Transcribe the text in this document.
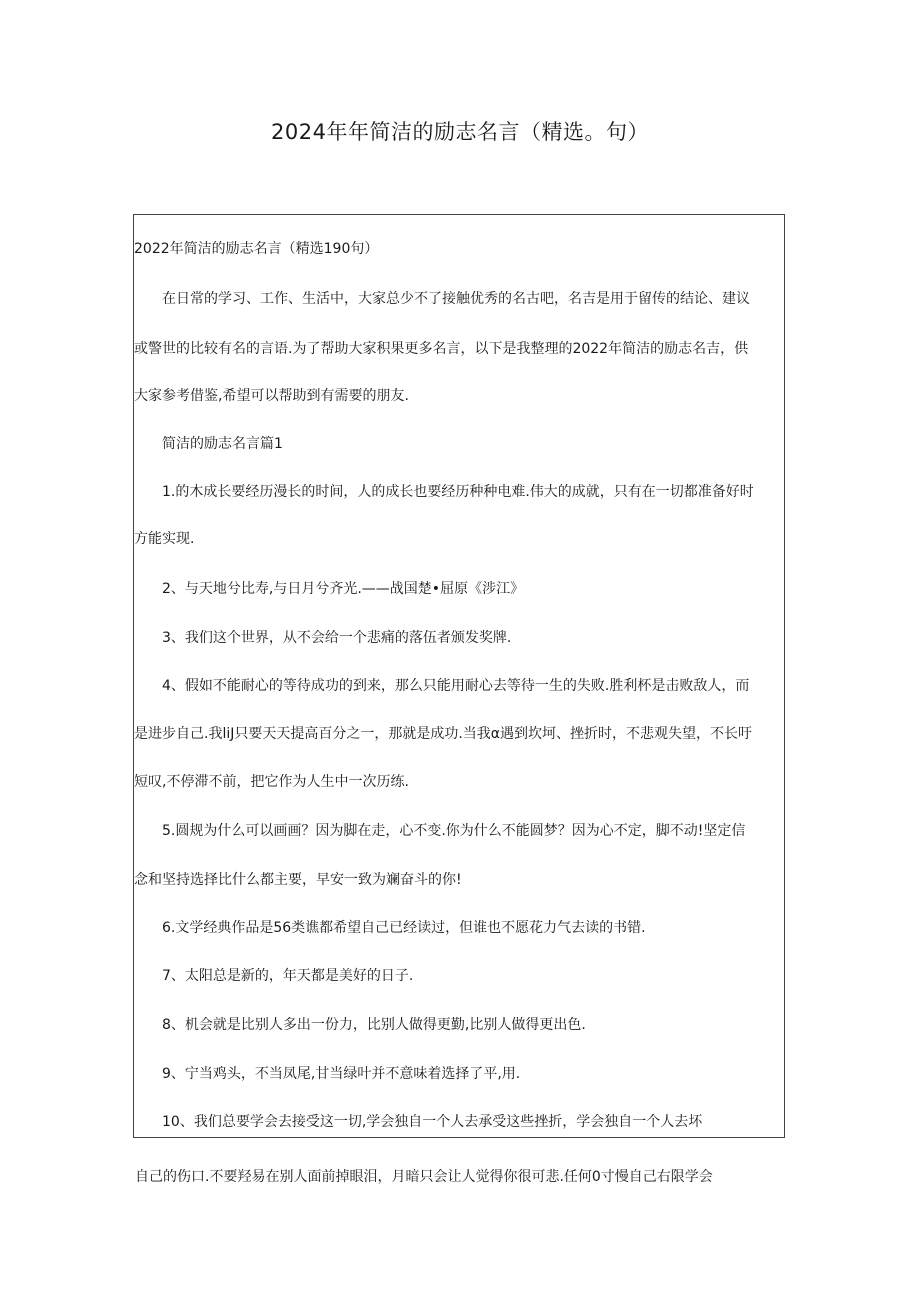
2024年年简洁的励志名言（精选。句）
2022年简洁的励志名言（精选190句）
　　在日常的学习、工作、生活中，大家总少不了接触优秀的名古吧，名吉是用于留传的结论、建议
或警世的比较有名的言语.为了帮助大家积果更多名言，以下是我整理的2022年简洁的励志名吉，供
大家参考借鉴,希望可以帮助到有需要的朋友.
　　简洁的励志名言篇1
　　1.的木成长要经历漫长的时间，人的成长也要经历种种电难.伟大的成就，只有在一切都准备好时
方能实现.
　　2、与天地兮比寿,与日月兮齐光.——战国楚•屈原《涉江》
　　3、我们这个世界，从不会给一个悲痛的落伍者颁发奖牌.
　　4、假如不能耐心的等待成功的到来，那么只能用耐心去等待一生的失败.胜利杯是击败敌人，而
是进步自己.我liJ只要天天提高百分之一，那就是成功.当我α遇到坎坷、挫折时，不悲观失望，不长吁
短叹,不停滞不前，把它作为人生中一次历练.
　　5.圆规为什么可以画画？因为脚在走，心不变.你为什么不能圆梦？因为心不定，脚不动!坚定信
念和坚持选择比什么都主要，早安一致为斓奋斗的你!
　　6.文学经典作品是56类谯都希望自己已经读过，但谁也不愿花力气去读的书错.
　　7、太阳总是新的，年天都是美好的日子.
　　8、机会就是比别人多出一份力，比别人做得更勤,比别人做得更出色.
　　9、宁当鸡头，不当凤尾,甘当绿叶并不意味着选择了平,用.
　　10、我们总要学会去接受这一切,学会独自一个人去承受这些挫折，学会独自一个人去坏
自己的伤口.不要羟易在别人面前掉眼泪，月暗只会让人觉得你很可悲.任何0寸慢自己右限学会
